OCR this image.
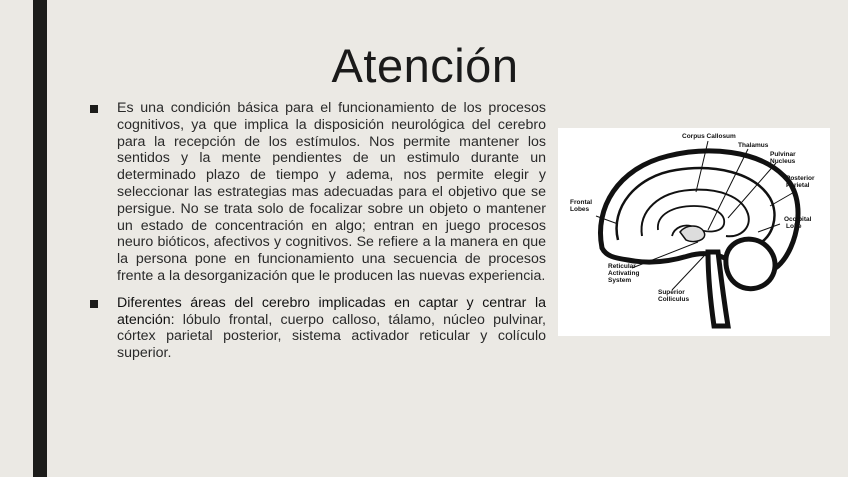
Atención

Es una condición básica para el funcionamiento de los procesos cognitivos, ya que implica la disposición neurológica del cerebro para la recepción de los estímulos. Nos permite mantener los sentidos y la mente pendientes de un estimulo durante un determinado plazo de tiempo y adema, nos permite elegir y seleccionar las estrategias mas adecuadas para el objetivo que se persigue. No se trata solo de focalizar sobre un objeto o mantener un estado de concentración en algo; entran en juego procesos neuro bióticos, afectivos y cognitivos. Se refiere a la manera en que la persona pone en funcionamiento una secuencia de procesos frente a la desorganización que le producen las nuevas experiencia.

Diferentes áreas del cerebro implicadas en captar y centrar la atención: lóbulo frontal, cuerpo calloso, tálamo, núcleo pulvinar, córtex parietal posterior, sistema activador reticular y colículo superior.

Corpus Callosum
Thalamus
Pulvinar
Nucleus
Posterior
Parietal
Frontal
Lobes
Occipital
Lobe
Reticular
Activating
System
Superior
Colliculus
